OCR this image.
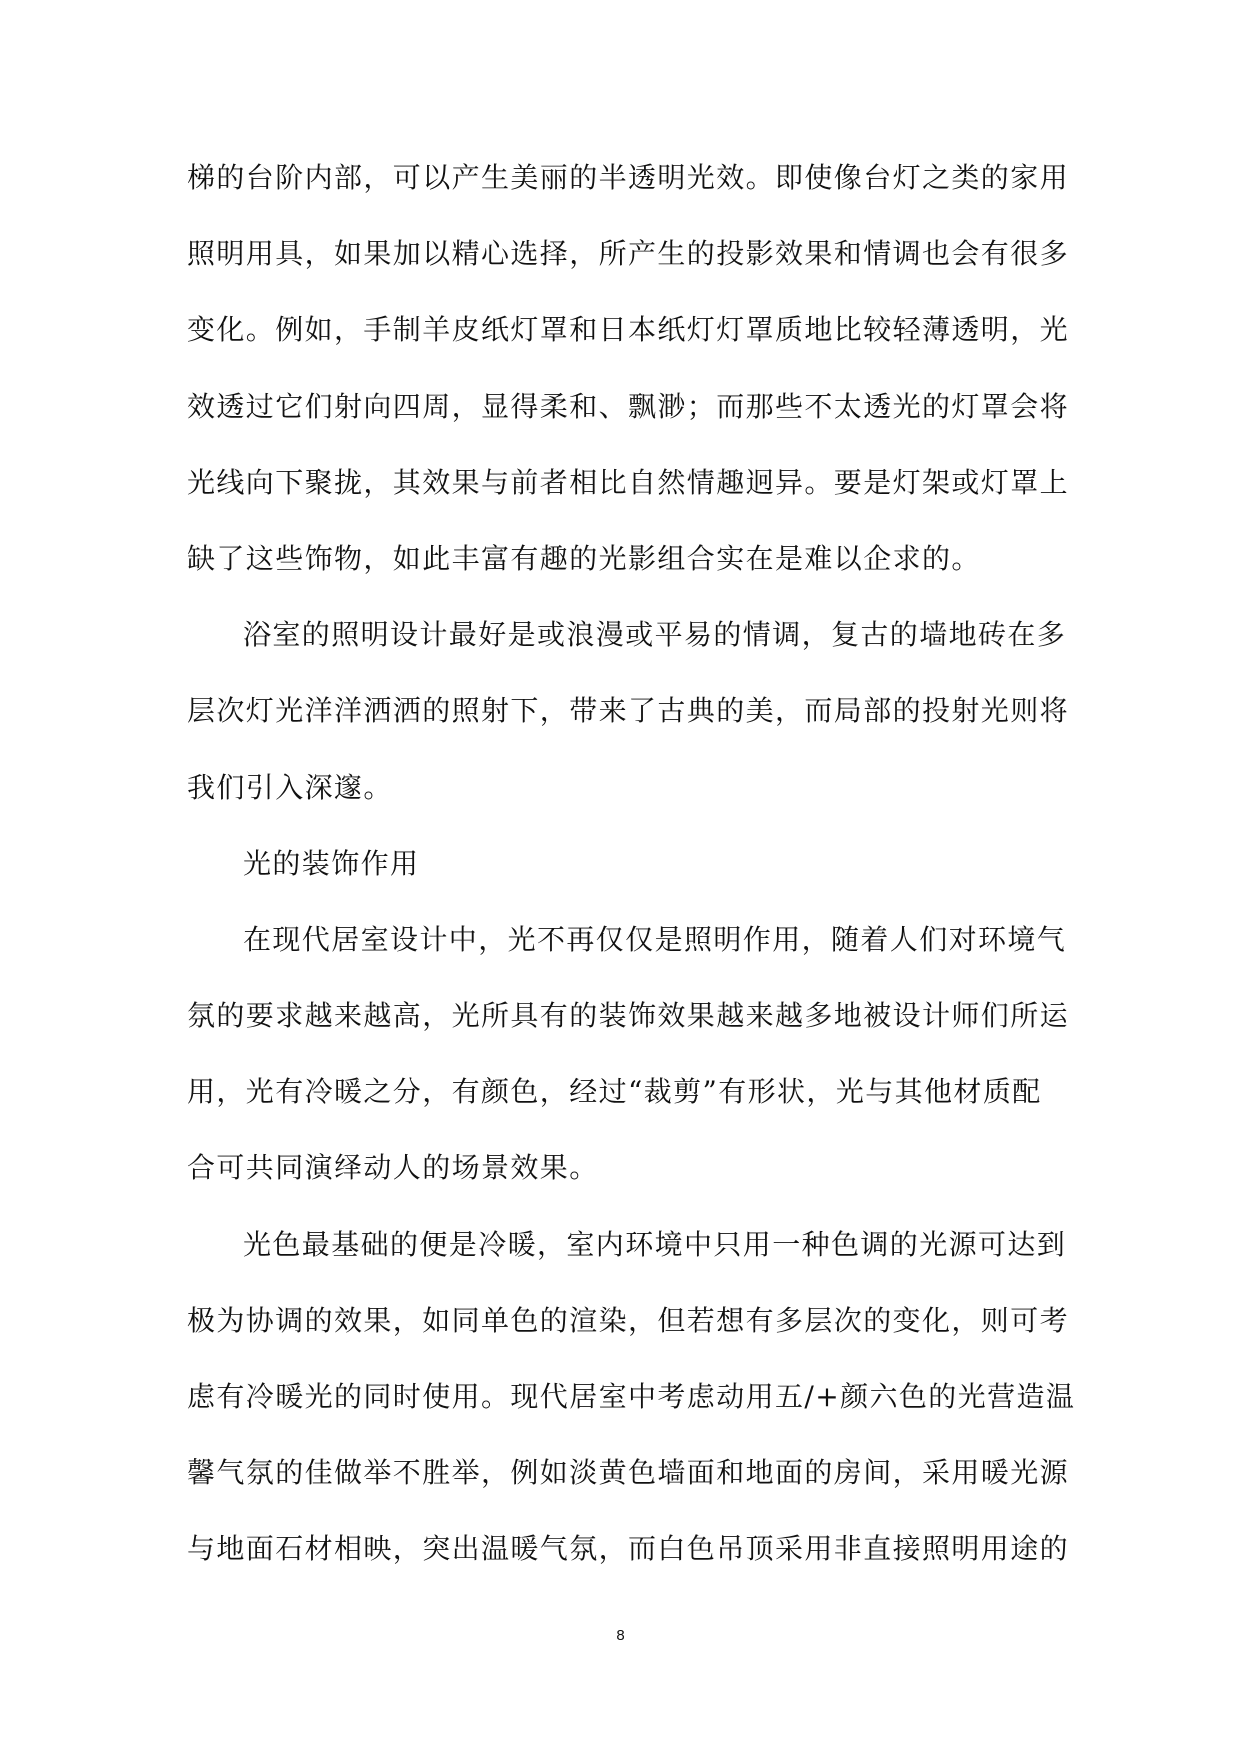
梯的台阶内部，可以产生美丽的半透明光效。即使像台灯之类的家用
照明用具，如果加以精心选择，所产生的投影效果和情调也会有很多
变化。例如，手制羊皮纸灯罩和日本纸灯灯罩质地比较轻薄透明，光
效透过它们射向四周，显得柔和、飘渺；而那些不太透光的灯罩会将
光线向下聚拢，其效果与前者相比自然情趣迥异。要是灯架或灯罩上
缺了这些饰物，如此丰富有趣的光影组合实在是难以企求的。
浴室的照明设计最好是或浪漫或平易的情调，复古的墙地砖在多
层次灯光洋洋洒洒的照射下，带来了古典的美，而局部的投射光则将
我们引入深邃。
光的装饰作用
在现代居室设计中，光不再仅仅是照明作用，随着人们对环境气
氛的要求越来越高，光所具有的装饰效果越来越多地被设计师们所运
用，光有冷暖之分，有颜色，经过“裁剪”有形状，光与其他材质配
合可共同演绎动人的场景效果。
光色最基础的便是冷暖，室内环境中只用一种色调的光源可达到
极为协调的效果，如同单色的渲染，但若想有多层次的变化，则可考
虑有冷暖光的同时使用。现代居室中考虑动用五/+颜六色的光营造温
馨气氛的佳做举不胜举，例如淡黄色墙面和地面的房间，采用暖光源
与地面石材相映，突出温暖气氛，而白色吊顶采用非直接照明用途的
8
